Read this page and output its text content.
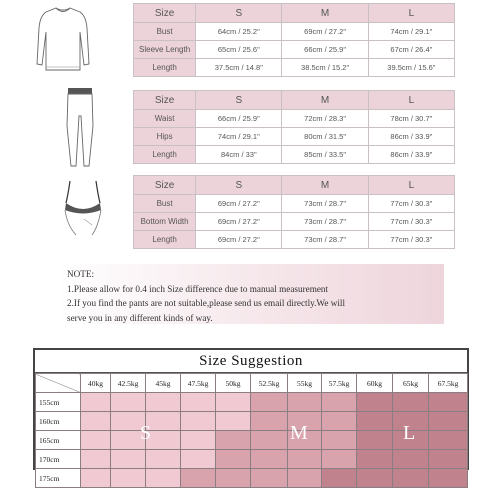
Size	S	M	L
Bust	64cm / 25.2"	69cm / 27.2"	74cm / 29.1"
Sleeve Length	65cm / 25.6"	66cm / 25.9"	67cm / 26.4"
Length	37.5cm / 14.8"	38.5cm / 15.2"	39.5cm / 15.6"
Size	S	M	L
Waist	66cm / 25.9"	72cm / 28.3"	78cm / 30.7"
Hips	74cm / 29.1"	80cm / 31.5"	86cm / 33.9"
Length	84cm / 33"	85cm / 33.5"	86cm / 33.9"
Size	S	M	L
Bust	69cm / 27.2"	73cm / 28.7"	77cm / 30.3"
Bottom Width	69cm / 27.2"	73cm / 28.7"	77cm / 30.3"
Length	69cm / 27.2"	73cm / 28.7"	77cm / 30.3"
NOTE:
1.Please allow for 0.4 inch Size difference due to manual measurement
2.If you find the pants are not suitable,please send us email directly.We will
serve you in any different kinds of way.
Size Suggestion
	40kg	42.5kg	45kg	47.5kg	50kg	52.5kg	55kg	57.5kg	60kg	65kg	67.5kg
155cm											
160cm											
165cm											
170cm											
175cm											
S	M	L
